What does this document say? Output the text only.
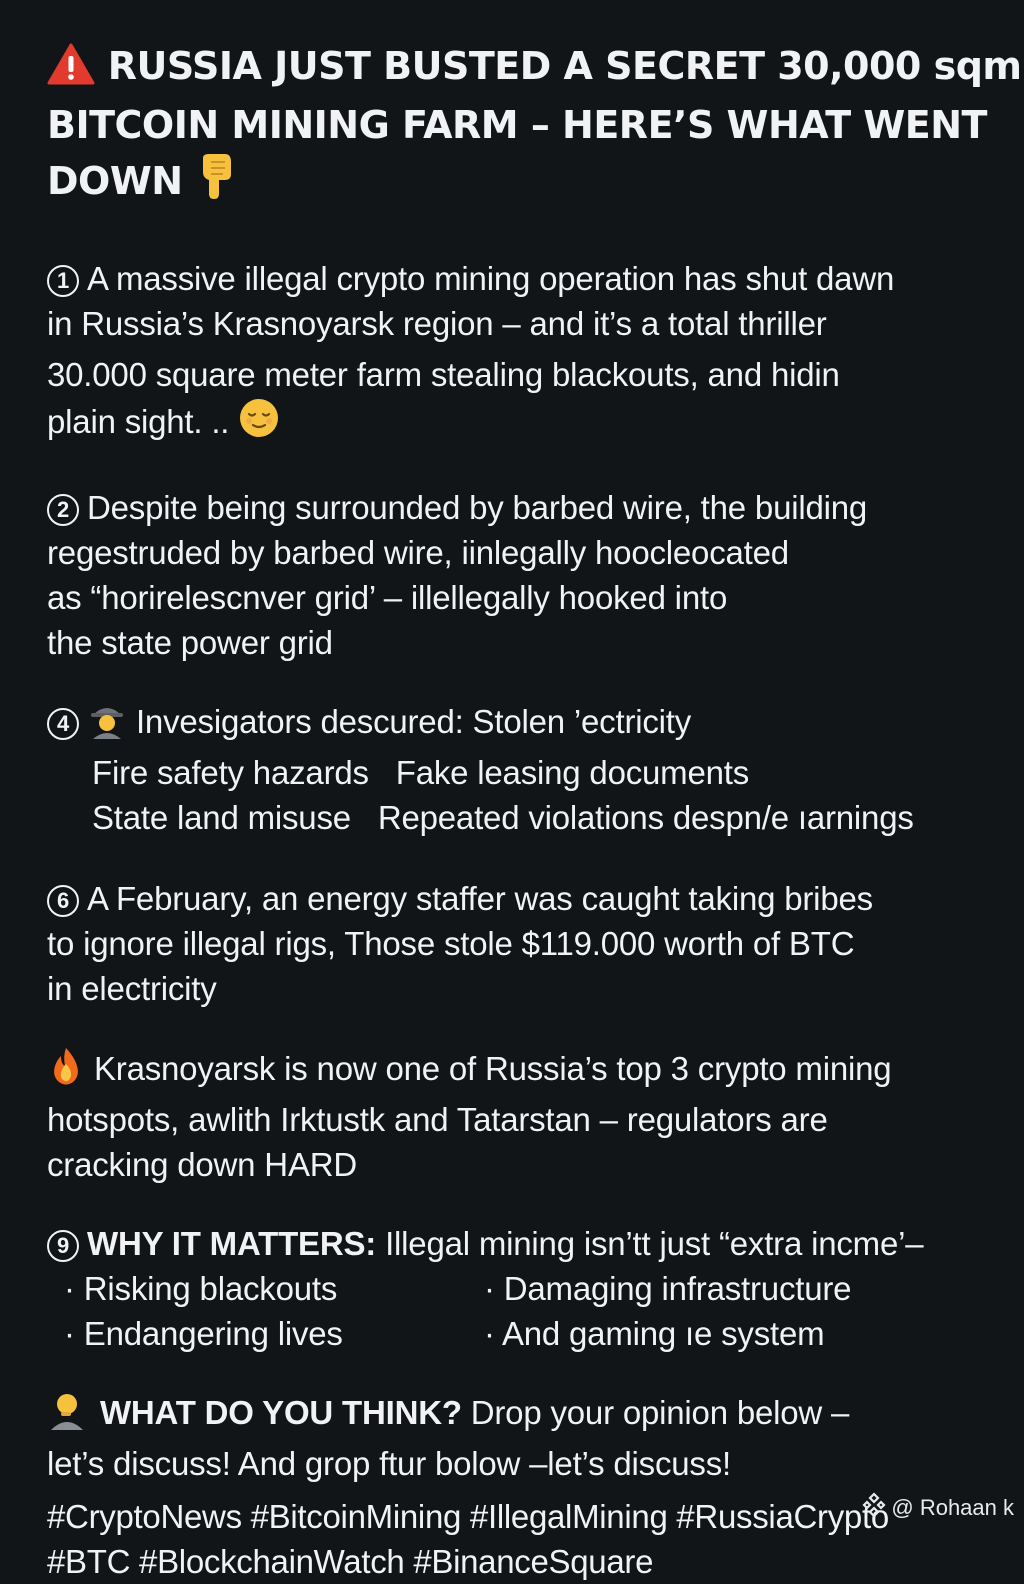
RUSSIA JUST BUSTED A SECRET 30,000 sqm
BITCOIN MINING FARM – HERE’S WHAT WENT
DOWN
1 A massive illegal crypto mining operation has shut dawn
in Russia’s Krasnoyarsk region – and it’s a total thriller
30.000 square meter farm stealing blackouts, and hidin
plain sight. ..
2 Despite being surrounded by barbed wire, the building
regestruded by barbed wire, iinlegally hoocleocated
as “horirelescnver grid’ – illellegally hooked into
the state power grid
4 Invesigators descured: Stolen ’ectricity
Fire safety hazards Fake leasing documents
State land misuse Repeated violations despn/e ıarnings
6 A February, an energy staffer was caught taking bribes
to ignore illegal rigs, Those stole $119.000 worth of BTC
in electricity
Krasnoyarsk is now one of Russia’s top 3 crypto mining
hotspots, awlith Irktustk and Tatarstan – regulators are
cracking down HARD
9 WHY IT MATTERS: Illegal mining isn’tt just “extra incme’–
· Risking blackouts	· Damaging infrastructure
· Endangering lives	· And gaming ıe system
WHAT DO YOU THINK? Drop your opinion below –
let’s discuss! And grop ftur bolow –let’s discuss!
#CryptoNews #BitcoinMining #IllegalMining #RussiaCrypto
#BTC #BlockchainWatch #BinanceSquare
@ Rohaan k
